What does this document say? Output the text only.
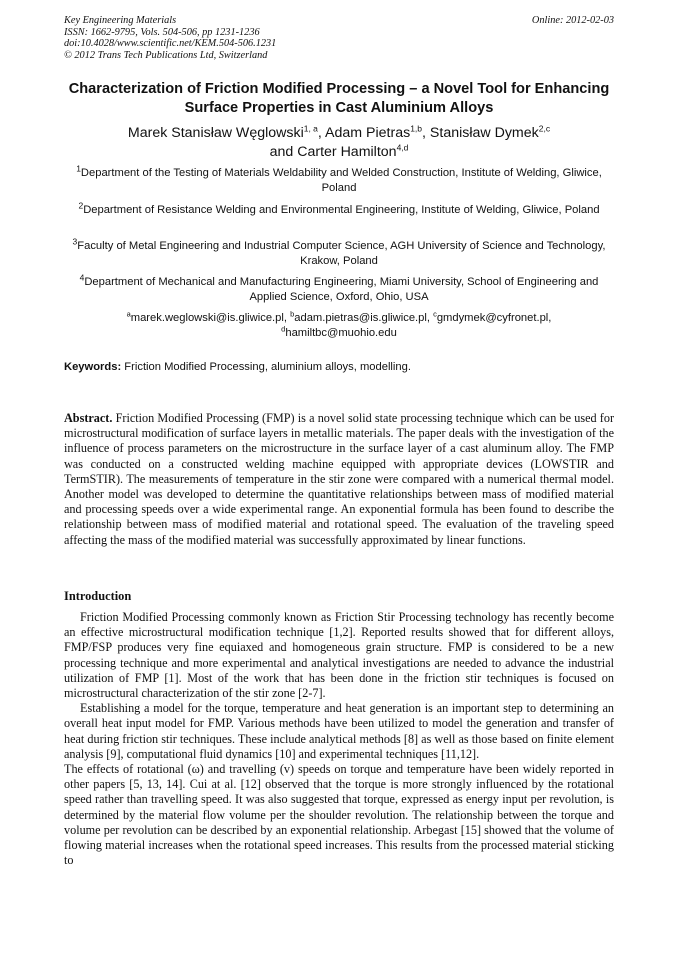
Key Engineering Materials
ISSN: 1662-9795, Vols. 504-506, pp 1231-1236
doi:10.4028/www.scientific.net/KEM.504-506.1231
© 2012 Trans Tech Publications Ltd, Switzerland
Online: 2012-02-03
Characterization of Friction Modified Processing – a Novel Tool for Enhancing Surface Properties in Cast Aluminium Alloys
Marek Stanisław Węglowski$^{1, a}$, Adam Pietras$^{1,b}$, Stanisław Dymek$^{2,c}$
and Carter Hamilton$^{4,d}$
$^1$Department of the Testing of Materials Weldability and Welded Construction, Institute of Welding, Gliwice, Poland
$^2$Department of Resistance Welding and Environmental Engineering, Institute of Welding, Gliwice, Poland
$^3$Faculty of Metal Engineering and Industrial Computer Science, AGH University of Science and Technology, Krakow, Poland
$^4$Department of Mechanical and Manufacturing Engineering, Miami University, School of Engineering and Applied Science, Oxford, Ohio, USA
$^a$marek.weglowski@is.gliwice.pl, $^b$adam.pietras@is.gliwice.pl, $^c$gmdymek@cyfronet.pl,
$^d$hamiltbc@muohio.edu
Keywords: Friction Modified Processing, aluminium alloys, modelling.
Abstract. Friction Modified Processing (FMP) is a novel solid state processing technique which can be used for microstructural modification of surface layers in metallic materials. The paper deals with the investigation of the influence of process parameters on the microstructure in the surface layer of a cast aluminum alloy. The FMP was conducted on a constructed welding machine equipped with appropriate devices (LOWSTIR and TermSTIR). The measurements of temperature in the stir zone were compared with a numerical thermal model. Another model was developed to determine the quantitative relationships between mass of modified material and processing speeds over a wide experimental range. An exponential formula has been found to describe the relationship between mass of modified material and rotational speed. The evaluation of the traveling speed affecting the mass of the modified material was successfully approximated by linear functions.
Introduction

Friction Modified Processing commonly known as Friction Stir Processing technology has recently become an effective microstructural modification technique [1,2]. Reported results showed that for different alloys, FMP/FSP produces very fine equiaxed and homogeneous grain structure. FMP is considered to be a new processing technique and more experimental and analytical investigations are needed to advance the industrial utilization of FMP [1]. Most of the work that has been done in the friction stir techniques is focused on microstructural characterization of the stir zone [2-7].

Establishing a model for the torque, temperature and heat generation is an important step to determining an overall heat input model for FMP. Various methods have been utilized to model the generation and transfer of heat during friction stir techniques. These include analytical methods [8] as well as those based on finite element analysis [9], computational fluid dynamics [10] and experimental techniques [11,12].

The effects of rotational (ω) and travelling (v) speeds on torque and temperature have been widely reported in other papers [5, 13, 14]. Cui at al. [12] observed that the torque is more strongly influenced by the rotational speed rather than travelling speed. It was also suggested that torque, expressed as energy input per revolution, is determined by the material flow volume per the shoulder revolution. The relationship between the torque and volume per revolution can be described by an exponential relationship. Arbegast [15] showed that the volume of flowing material increases when the rotational speed increases. This results from the processed material sticking to
